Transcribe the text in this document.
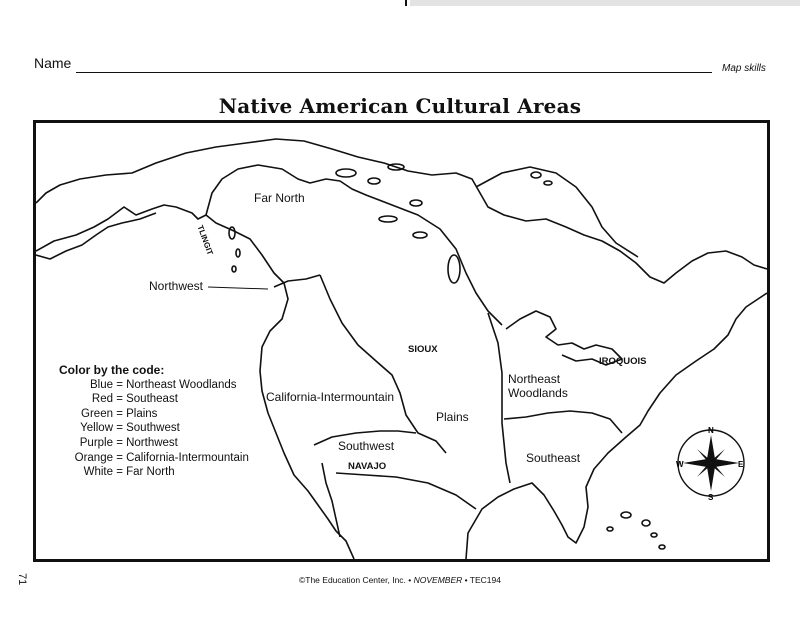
Name	Map skills
Native American Cultural Areas
N
S
E
W
Far North
Northwest
California-Intermountain
Plains
Southwest
Northeast
Woodlands
Southeast
TLINGIT
SIOUX
IROQUOIS
NAVAJO
Color by the code:
Blue = Northeast Woodlands
Red = Southeast
Green = Plains
Yellow = Southwest
Purple = Northwest
Orange = California-Intermountain
White = Far North
©The Education Center, Inc. • NOVEMBER • TEC194
71
